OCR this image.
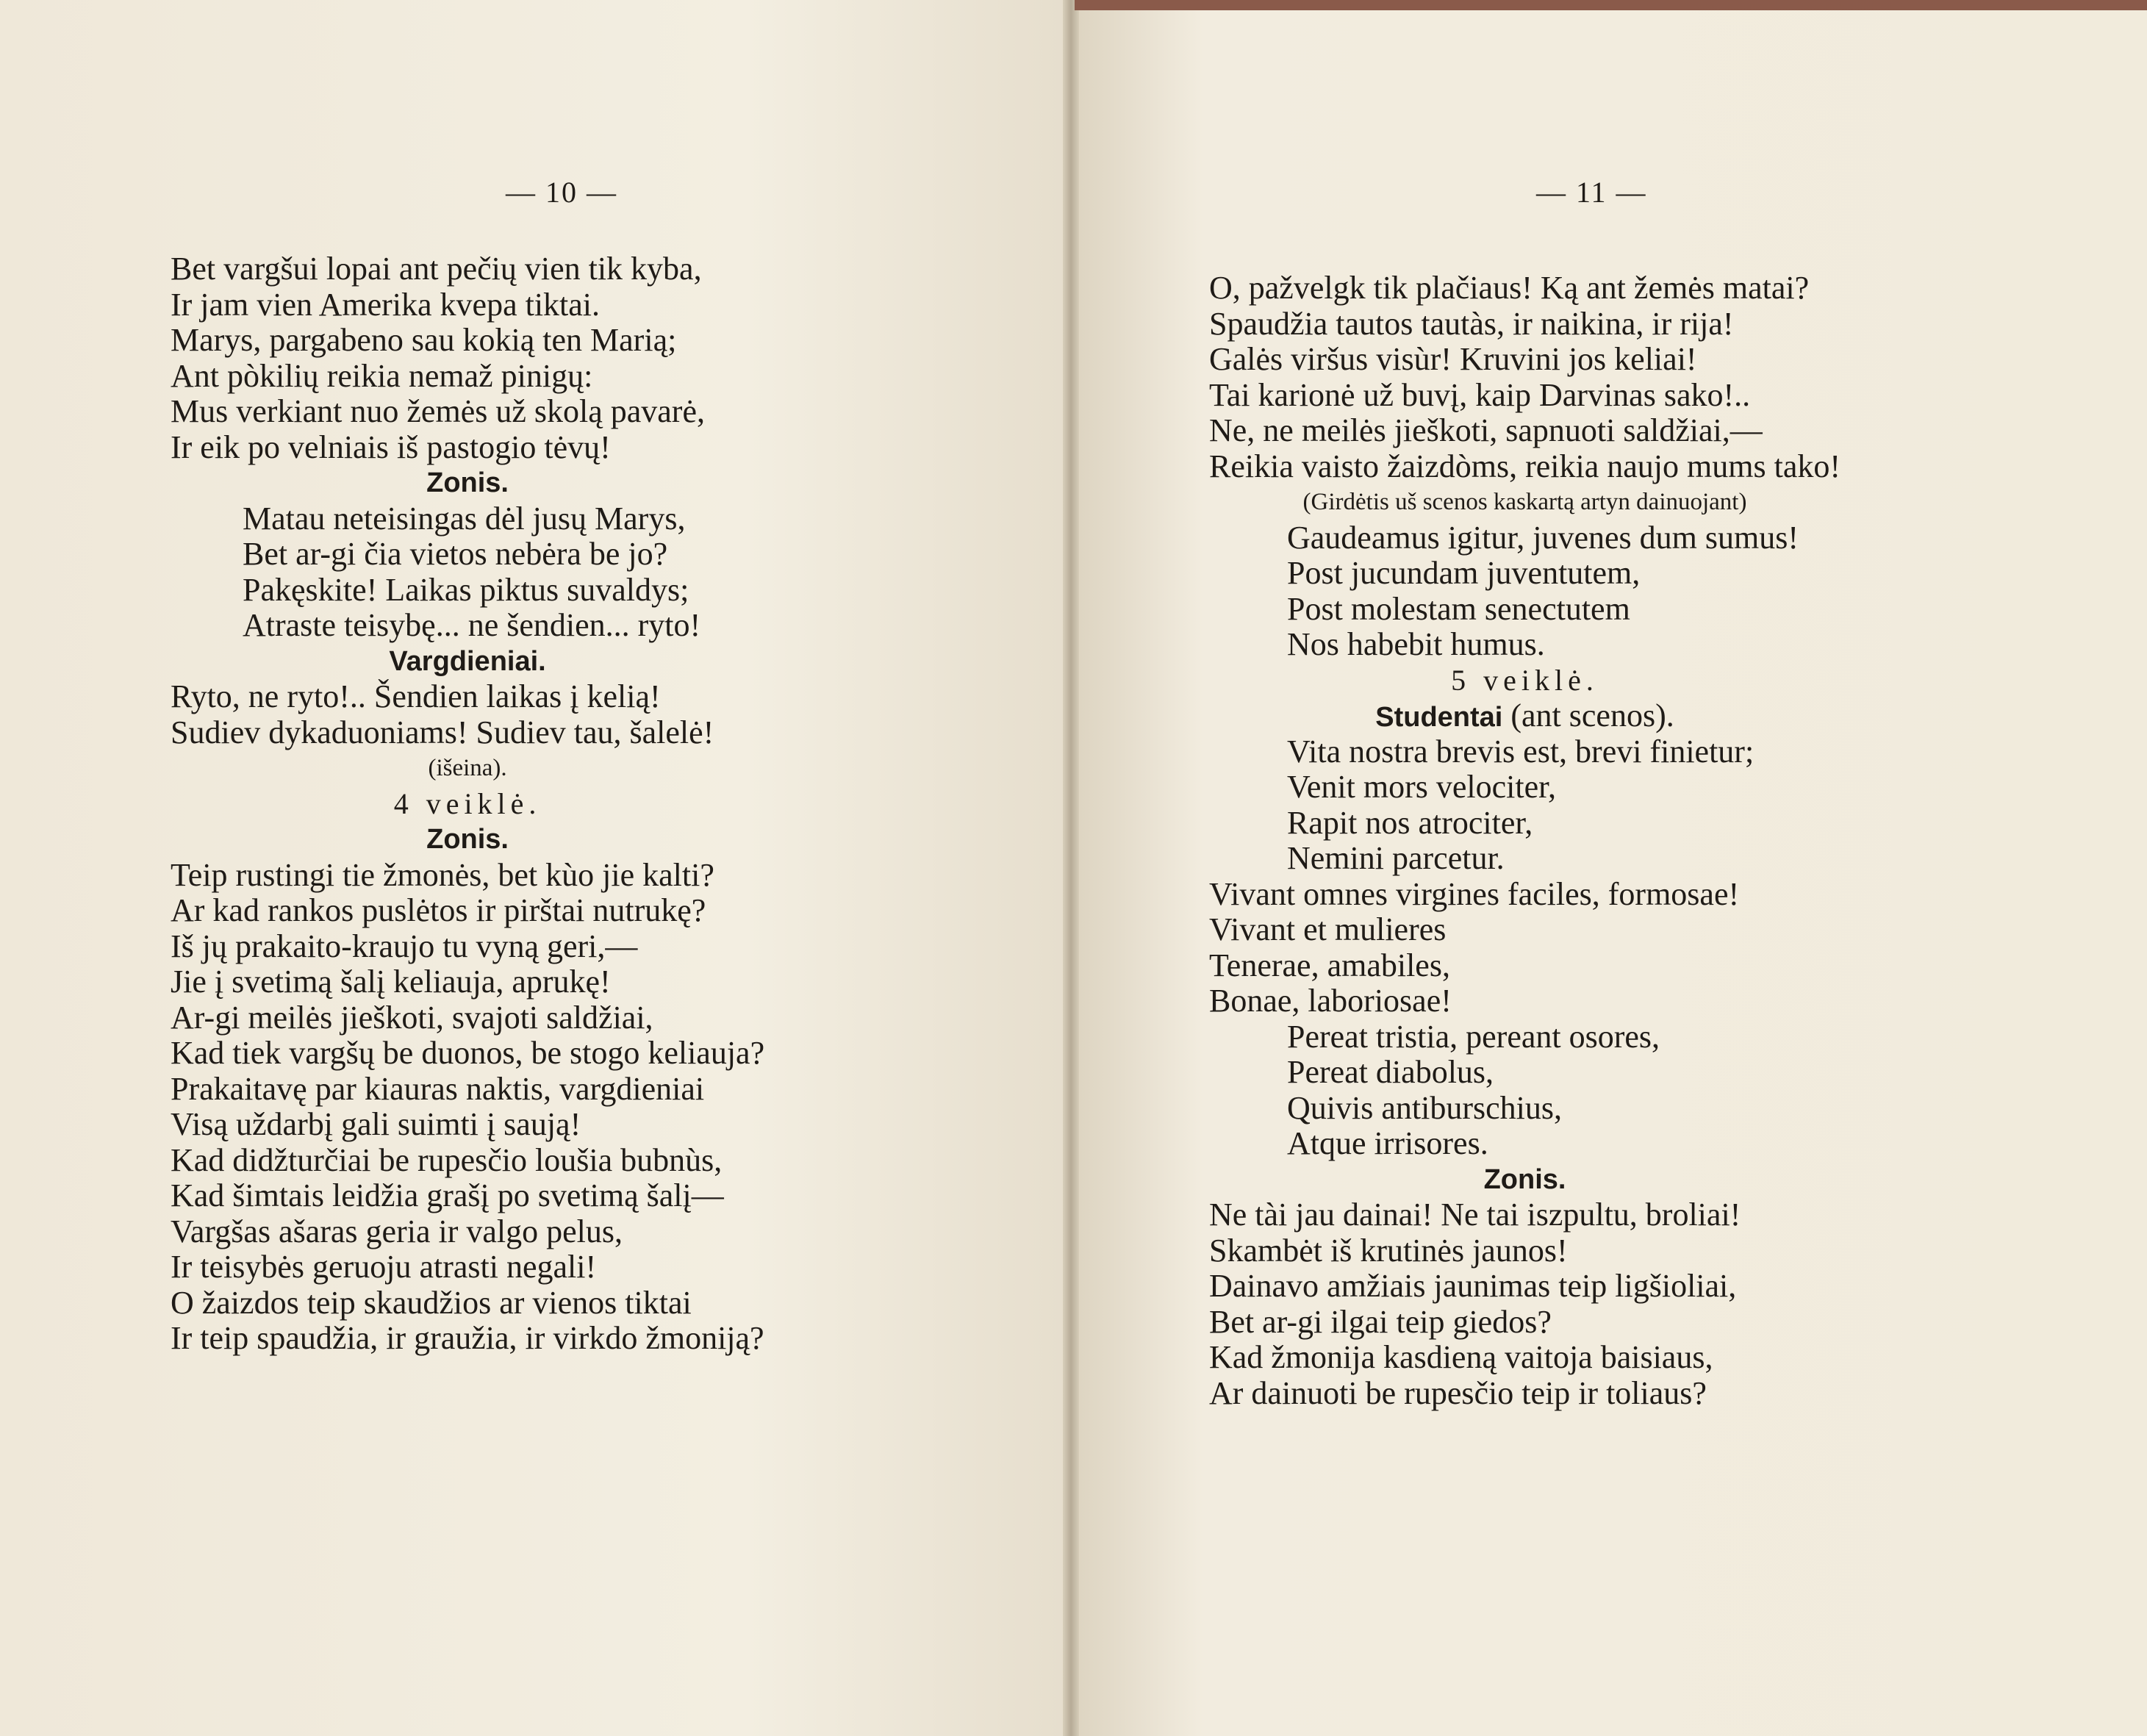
— 10 —
Bet vargšui lopai ant pečių vien tik kyba,
Ir jam vien Amerika kvepa tiktai.
Marys, pargabeno sau kokią ten Marią;
Ant pòkilių reikia nemaž pinigų:
Mus verkiant nuo žemės už skolą pavarė,
Ir eik po velniais iš pastogio tėvų!
Zonis.
Matau neteisingas dėl jusų Marys,
Bet ar-gi čia vietos nebėra be jo?
Pakęskite! Laikas piktus suvaldys;
Atraste teisybę... ne šendien... ryto!
Vargdieniai.
Ryto, ne ryto!.. Šendien laikas į kelią!
Sudiev dykaduoniams! Sudiev tau, šalelė!
(išeina).
4 veiklė.
Zonis.
Teip rustingi tie žmonės, bet kùo jie kalti?
Ar kad rankos puslėtos ir pirštai nutrukę?
Iš jų prakaito-kraujo tu vyną geri,—
Jie į svetimą šalį keliauja, aprukę!
Ar-gi meilės jieškoti, svajoti saldžiai,
Kad tiek vargšų be duonos, be stogo keliauja?
Prakaitavę par kiauras naktis, vargdieniai
Visą uždarbį gali suimti į saują!
Kad didžturčiai be rupesčio loušia bubnùs,
Kad šimtais leidžia grašį po svetimą šalį—
Vargšas ašaras geria ir valgo pelus,
Ir teisybės geruoju atrasti negali!
O žaizdos teip skaudžios ar vienos tiktai
Ir teip spaudžia, ir graužia, ir virkdo žmoniją?
— 11 —
O, pažvelgk tik plačiaus! Ką ant žemės matai?
Spaudžia tautos tautàs, ir naikina, ir rija!
Galės viršus visùr! Kruvini jos keliai!
Tai karionė už buvį, kaip Darvinas sako!..
Ne, ne meilės jieškoti, sapnuoti saldžiai,—
Reikia vaisto žaizdòms, reikia naujo mums tako!
(Girdėtis uš scenos kaskartą artyn dainuojant)
Gaudeamus igitur, juvenes dum sumus!
Post jucundam juventutem,
Post molestam senectutem
Nos habebit humus.
5 veiklė.
Studentai (ant scenos).
Vita nostra brevis est, brevi finietur;
Venit mors velociter,
Rapit nos atrociter,
Nemini parcetur.
Vivant omnes virgines faciles, formosae!
Vivant et mulieres
Tenerae, amabiles,
Bonae, laboriosae!
Pereat tristia, pereant osores,
Pereat diabolus,
Quivis antiburschius,
Atque irrisores.
Zonis.
Ne tài jau dainai! Ne tai iszpultu, broliai!
Skambėt iš krutinės jaunos!
Dainavo amžiais jaunimas teip ligšioliai,
Bet ar-gi ilgai teip giedos?
Kad žmonija kasdieną vaitoja baisiaus,
Ar dainuoti be rupesčio teip ir toliaus?
